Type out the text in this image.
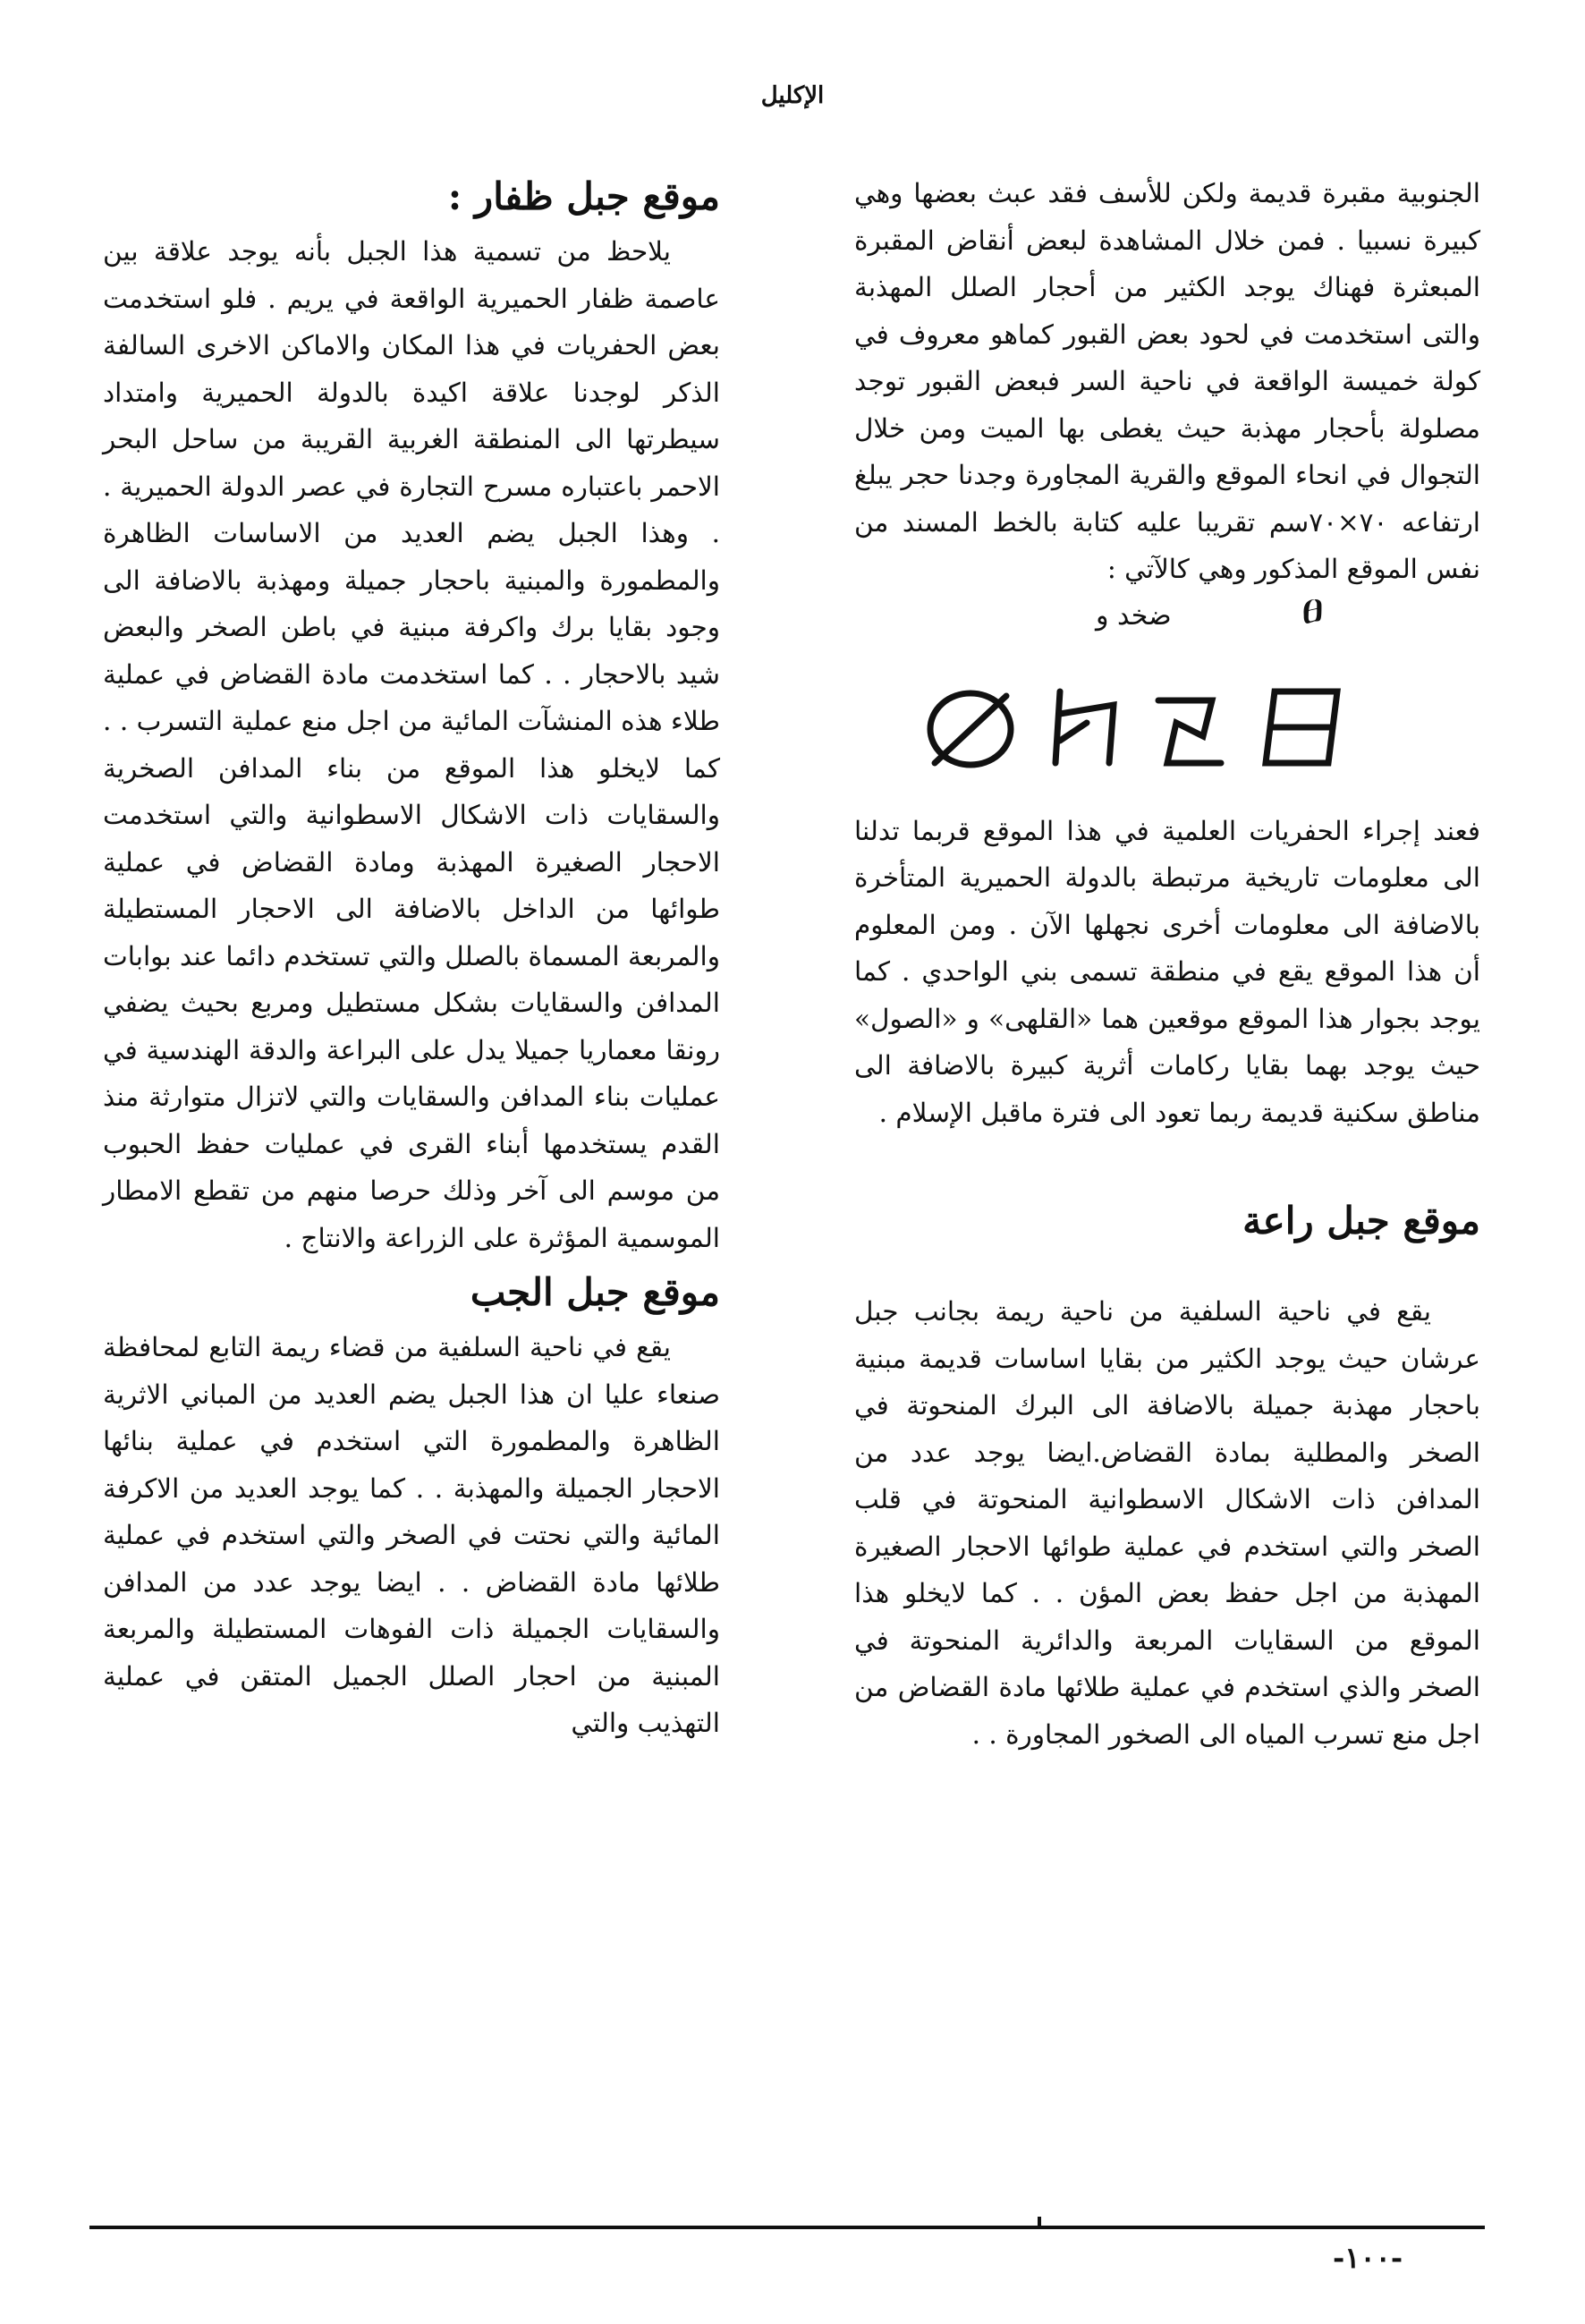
الإكليل

الجنوبية مقبرة قديمة ولكن للأسف فقد عبث بعضها وهي كبيرة نسبيا . فمن خلال المشاهدة لبعض أنقاض المقبرة المبعثرة فهناك يوجد الكثير من أحجار الصلل المهذبة والتى استخدمت في لحود بعض القبور كماهو معروف في كولة خميسة الواقعة في ناحية السر فبعض القبور توجد مصلولة بأحجار مهذبة حيث يغطى بها الميت ومن خلال التجوال في انحاء الموقع والقرية المجاورة وجدنا حجر يبلغ ارتفاعه ٧٠×٧٠سم تقريبا عليه كتابة بالخط المسند من نفس الموقع المذكور وهي كالآتي :

ضخد و	ፀ

فعند إجراء الحفريات العلمية في هذا الموقع قربما تدلنا الى معلومات تاريخية مرتبطة بالدولة الحميرية المتأخرة بالاضافة الى معلومات أخرى نجهلها الآن . ومن المعلوم أن هذا الموقع يقع في منطقة تسمى بني الواحدي . كما يوجد بجوار هذا الموقع موقعين هما «القلهى» و «الصول» حيث يوجد بهما بقايا ركامات أثرية كبيرة بالاضافة الى مناطق سكنية قديمة ربما تعود الى فترة ماقبل الإسلام .

موقع جبل راعة

يقع في ناحية السلفية من ناحية ريمة بجانب جبل عرشان حيث يوجد الكثير من بقايا اساسات قديمة مبنية باحجار مهذبة جميلة بالاضافة الى البرك المنحوتة في الصخر والمطلية بمادة القضاض.ايضا يوجد عدد من المدافن ذات الاشكال الاسطوانية المنحوتة في قلب الصخر والتي استخدم في عملية طوائها الاحجار الصغيرة المهذبة من اجل حفظ بعض المؤن . . كما لايخلو هذا الموقع من السقايات المربعة والدائرية المنحوتة في الصخر والذي استخدم في عملية طلائها مادة القضاض من اجل منع تسرب المياه الى الصخور المجاورة . .

موقع جبل ظفار :

يلاحظ من تسمية هذا الجبل بأنه يوجد علاقة بين عاصمة ظفار الحميرية الواقعة في يريم . فلو استخدمت بعض الحفريات في هذا المكان والاماكن الاخرى السالفة الذكر لوجدنا علاقة اكيدة بالدولة الحميرية وامتداد سيطرتها الى المنطقة الغربية القريبة من ساحل البحر الاحمر باعتباره مسرح التجارة في عصر الدولة الحميرية . . وهذا الجبل يضم العديد من الاساسات الظاهرة والمطمورة والمبنية باحجار جميلة ومهذبة بالاضافة الى وجود بقايا برك واكرفة مبنية في باطن الصخر والبعض شيد بالاحجار . . كما استخدمت مادة القضاض في عملية طلاء هذه المنشآت المائية من اجل منع عملية التسرب . . كما لايخلو هذا الموقع من بناء المدافن الصخرية والسقايات ذات الاشكال الاسطوانية والتي استخدمت الاحجار الصغيرة المهذبة ومادة القضاض في عملية طوائها من الداخل بالاضافة الى الاحجار المستطيلة والمربعة المسماة بالصلل والتي تستخدم دائما عند بوابات المدافن والسقايات بشكل مستطيل ومربع بحيث يضفي رونقا معماريا جميلا يدل على البراعة والدقة الهندسية في عمليات بناء المدافن والسقايات والتي لاتزال متوارثة منذ القدم يستخدمها أبناء القرى في عمليات حفظ الحبوب من موسم الى آخر وذلك حرصا منهم من تقطع الامطار الموسمية المؤثرة على الزراعة والانتاج .

موقع جبل الجب

يقع في ناحية السلفية من قضاء ريمة التابع لمحافظة صنعاء عليا ان هذا الجبل يضم العديد من المباني الاثرية الظاهرة والمطمورة التي استخدم في عملية بنائها الاحجار الجميلة والمهذبة . . كما يوجد العديد من الاكرفة المائية والتي نحتت في الصخر والتي استخدم في عملية طلائها مادة القضاض . . ايضا يوجد عدد من المدافن والسقايات الجميلة ذات الفوهات المستطيلة والمربعة المبنية من احجار الصلل الجميل المتقن في عملية التهذيب والتي

-١٠٠-
